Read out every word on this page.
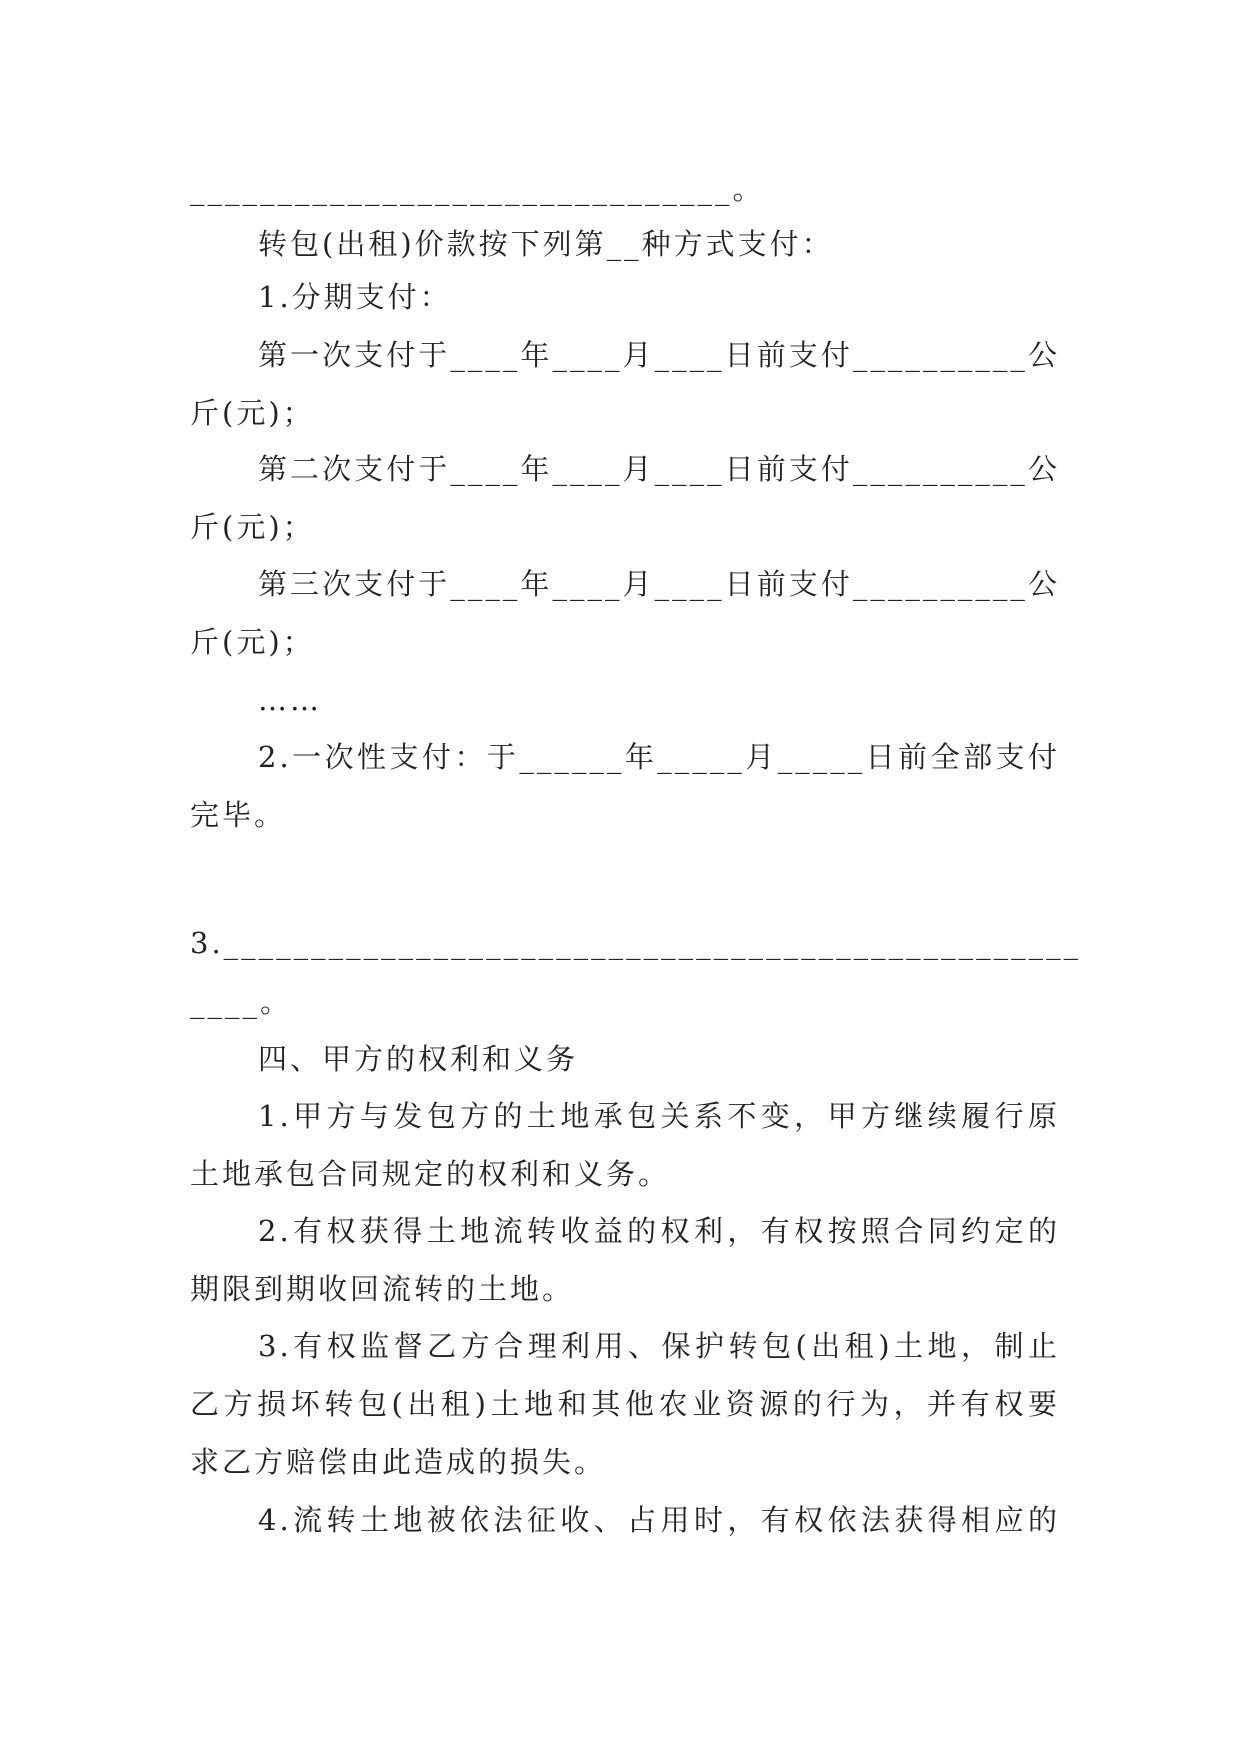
_______________________________。
转包(出租)价款按下列第__种方式支付：
1.分期支付：
第一次支付于____年____月____日前支付__________公
斤(元)；
第二次支付于____年____月____日前支付__________公
斤(元)；
第三次支付于____年____月____日前支付__________公
斤(元)；
……
2.一次性支付：于______年_____月_____日前全部支付
完毕。
3._________________________________________________
____。
四、甲方的权利和义务
1.甲方与发包方的土地承包关系不变，甲方继续履行原
土地承包合同规定的权利和义务。
2.有权获得土地流转收益的权利，有权按照合同约定的
期限到期收回流转的土地。
3.有权监督乙方合理利用、保护转包(出租)土地，制止
乙方损坏转包(出租)土地和其他农业资源的行为，并有权要
求乙方赔偿由此造成的损失。
4.流转土地被依法征收、占用时，有权依法获得相应的
